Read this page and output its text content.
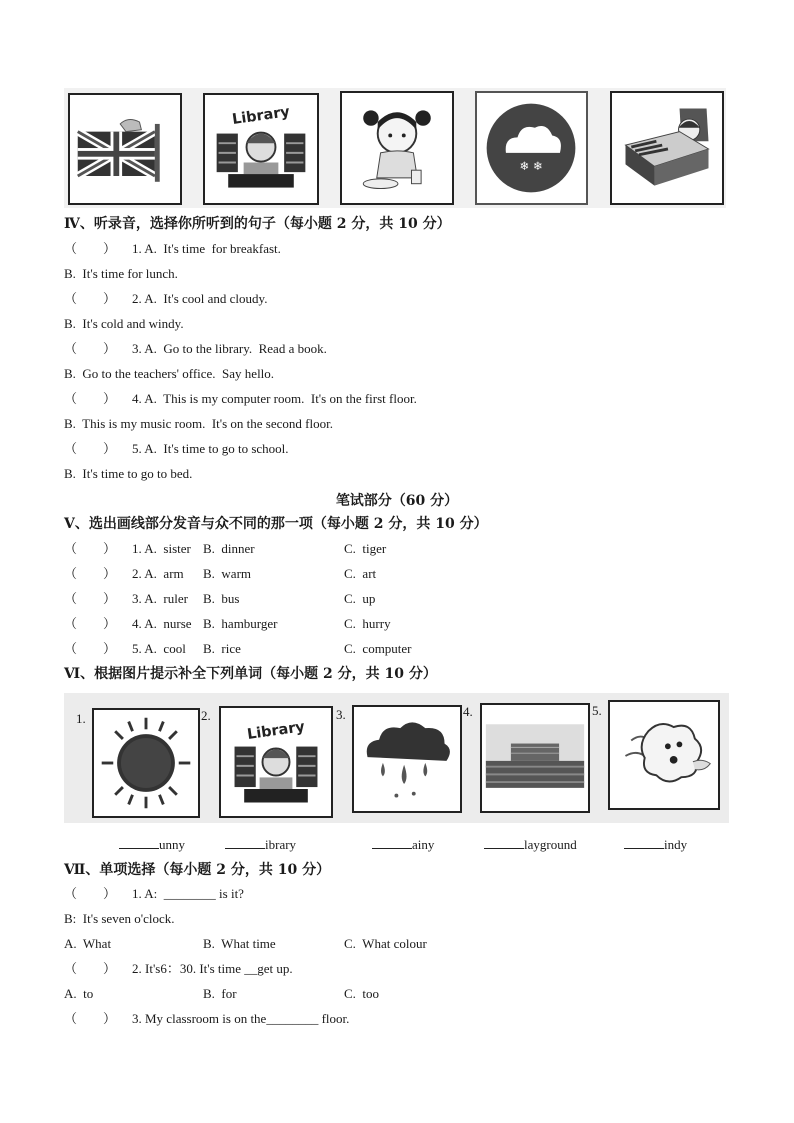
Library
❄ ❄
Ⅳ、听录音，选择你所听到的句子（每小题 2 分，共 10 分）
（        ） 1. A.  It's time  for breakfast.
B.  It's time for lunch.
（        ） 2. A.  It's cool and cloudy.
B.  It's cold and windy.
（        ） 3. A.  Go to the library.  Read a book.
B.  Go to the teachers' office.  Say hello.
（        ） 4. A.  This is my computer room.  It's on the first floor.
B.  This is my music room.  It's on the second floor.
（        ） 5. A.  It's time to go to school.
B.  It's time to go to bed.
笔试部分（60 分）
Ⅴ、选出画线部分发音与众不同的那一项（每小题 2 分，共 10 分）
（        ） 1. A.  sister B.  dinner	C.  tiger
（        ） 2. A.  arm B.  warm	C.  art
（        ） 3. A.  ruler B.  bus	C.  up
（        ） 4. A.  nurse B.  hamburger	C.  hurry
（        ） 5. A.  cool B.  rice	C.  computer
Ⅵ、根据图片提示补全下列单词（每小题 2 分，共 10 分）
1.	2.
Library
3.	4.	5.
unny	ibrary	ainy	layground	indy
Ⅶ、单项选择（每小题 2 分，共 10 分）
（        ） 1. A:  ________ is it?
B:  It's seven o'clock.
A.  What	B.  What time	C.  What colour
（        ） 2. It's6：30. It's time __get up.
A.  to	B.  for	C.  too
（        ） 3. My classroom is on the________ floor.
